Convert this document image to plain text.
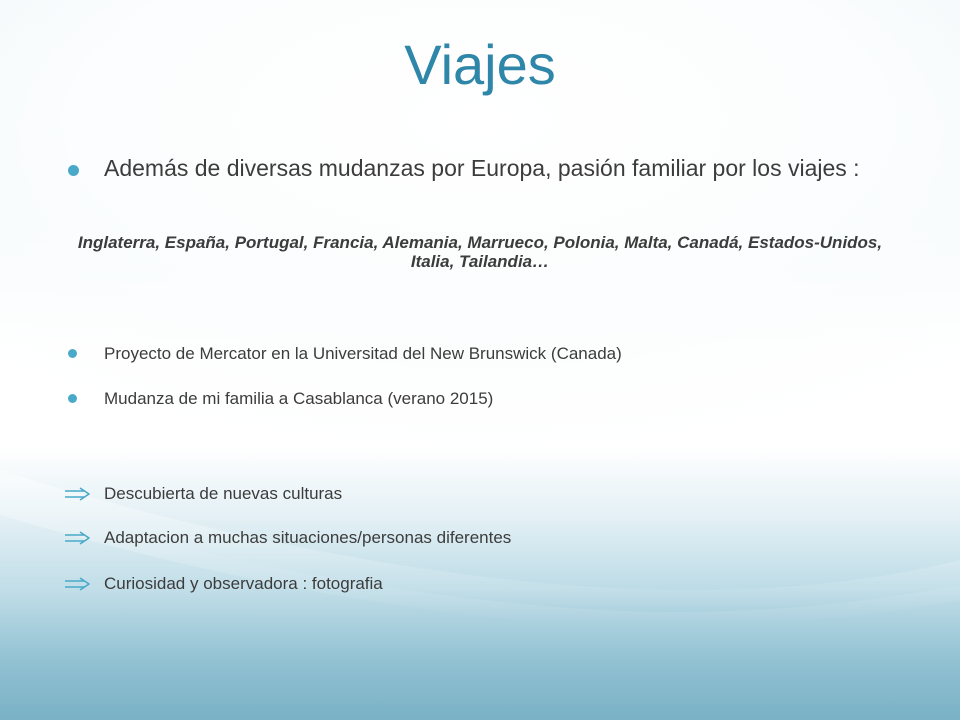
Viajes
Además de diversas mudanzas por Europa, pasión familiar por los viajes :
Inglaterra, España, Portugal, Francia, Alemania, Marrueco, Polonia, Malta, Canadá, Estados-Unidos, Italia, Tailandia…
Proyecto de Mercator en la Universitad del New Brunswick (Canada)
Mudanza de mi familia a Casablanca (verano 2015)
Descubierta de nuevas culturas
Adaptacion a muchas situaciones/personas diferentes
Curiosidad y observadora : fotografia
